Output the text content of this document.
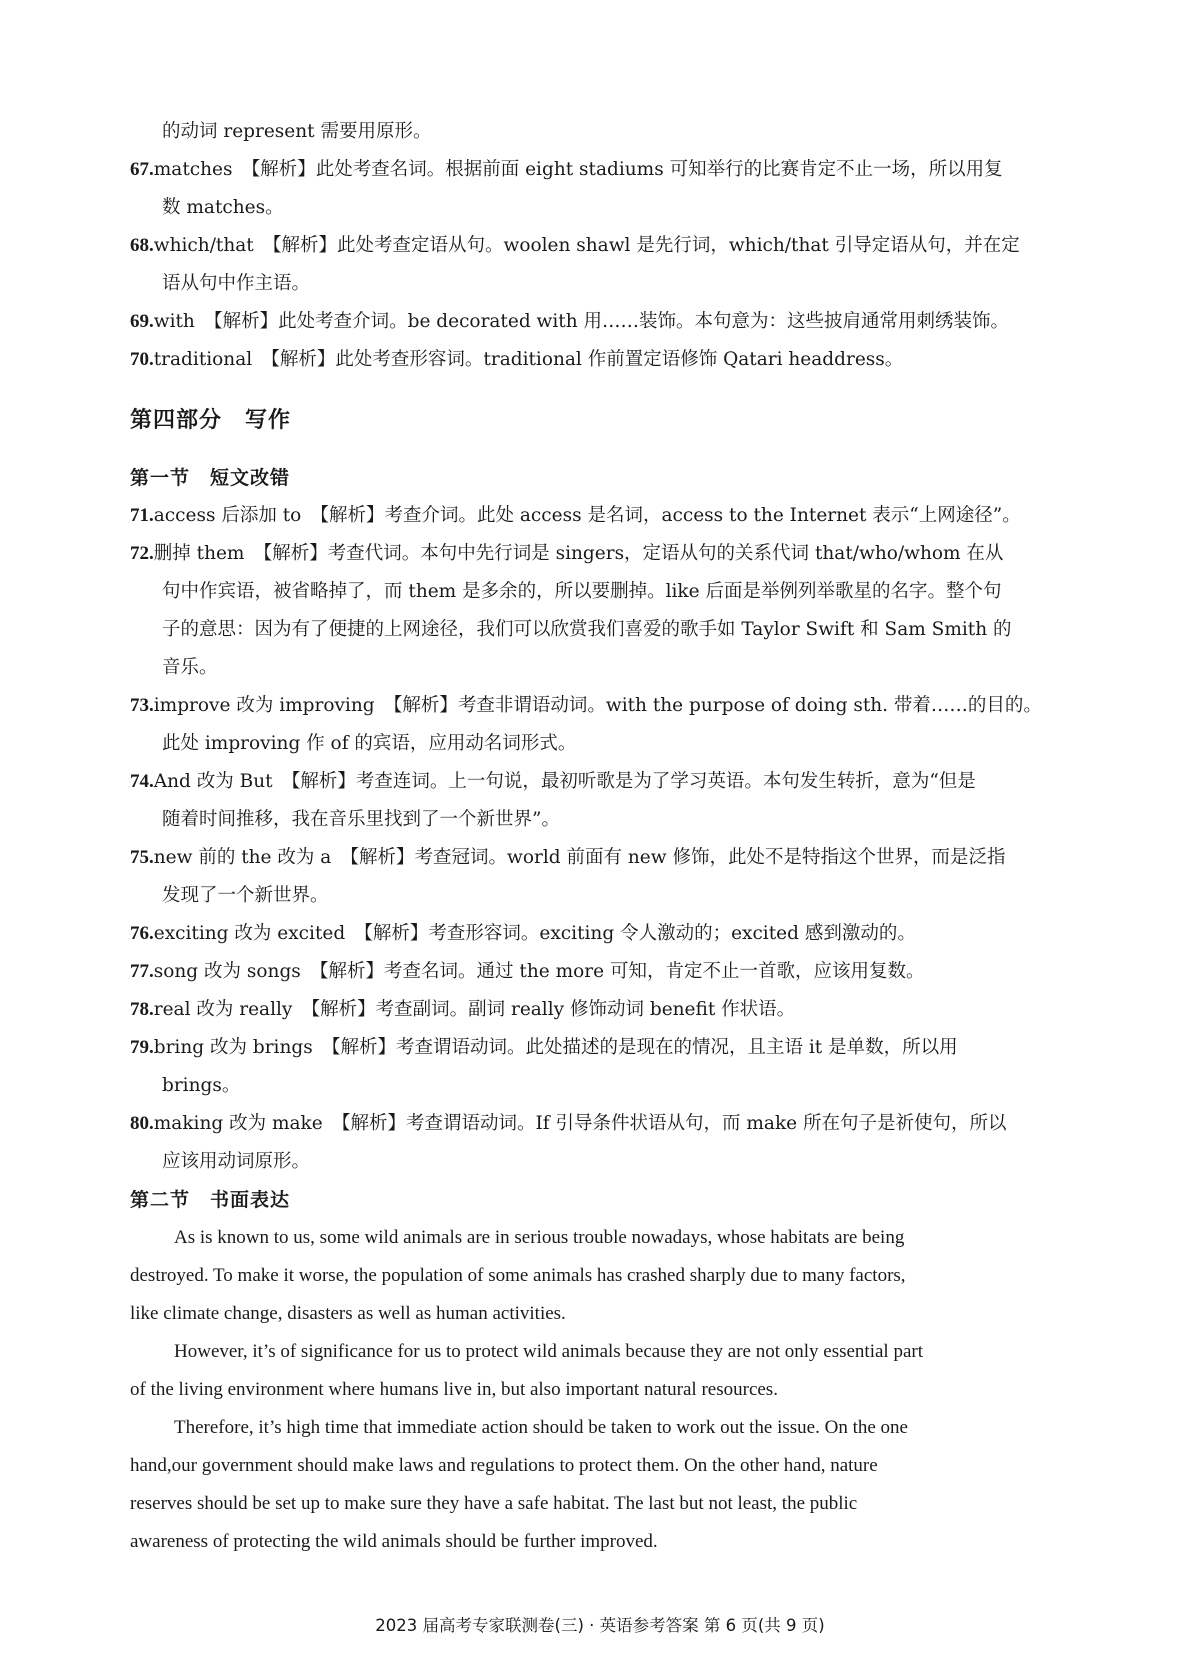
的动词 represent 需要用原形。
67.matches　【解析】此处考查名词。根据前面 eight stadiums 可知举行的比赛肯定不止一场，所以用复
数 matches。
68.which/that　【解析】此处考查定语从句。woolen shawl 是先行词，which/that 引导定语从句，并在定
语从句中作主语。
69.with　【解析】此处考查介词。be decorated with 用……装饰。本句意为：这些披肩通常用刺绣装饰。
70.traditional　【解析】此处考查形容词。traditional 作前置定语修饰 Qatari headdress。
第四部分　写作
第一节　短文改错
71.access 后添加 to　【解析】考查介词。此处 access 是名词，access to the Internet 表示“上网途径”。
72.删掉 them　【解析】考查代词。本句中先行词是 singers，定语从句的关系代词 that/who/whom 在从
句中作宾语，被省略掉了，而 them 是多余的，所以要删掉。like 后面是举例列举歌星的名字。整个句
子的意思：因为有了便捷的上网途径，我们可以欣赏我们喜爱的歌手如 Taylor Swift 和 Sam Smith 的
音乐。
73.improve 改为 improving　【解析】考查非谓语动词。with the purpose of doing sth. 带着……的目的。
此处 improving 作 of 的宾语，应用动名词形式。
74.And 改为 But　【解析】考查连词。上一句说，最初听歌是为了学习英语。本句发生转折，意为“但是
随着时间推移，我在音乐里找到了一个新世界”。
75.new 前的 the 改为 a　【解析】考查冠词。world 前面有 new 修饰，此处不是特指这个世界，而是泛指
发现了一个新世界。
76.exciting 改为 excited　【解析】考查形容词。exciting 令人激动的；excited 感到激动的。
77.song 改为 songs　【解析】考查名词。通过 the more 可知，肯定不止一首歌，应该用复数。
78.real 改为 really　【解析】考查副词。副词 really 修饰动词 benefit 作状语。
79.bring 改为 brings　【解析】考查谓语动词。此处描述的是现在的情况，且主语 it 是单数，所以用
brings。
80.making 改为 make　【解析】考查谓语动词。If 引导条件状语从句，而 make 所在句子是祈使句，所以
应该用动词原形。
第二节　书面表达
As is known to us, some wild animals are in serious trouble nowadays, whose habitats are being
destroyed. To make it worse, the population of some animals has crashed sharply due to many factors,
like climate change, disasters as well as human activities.
However, it’s of significance for us to protect wild animals because they are not only essential part
of the living environment where humans live in, but also important natural resources.
Therefore, it’s high time that immediate action should be taken to work out the issue. On the one
hand,our government should make laws and regulations to protect them. On the other hand, nature
reserves should be set up to make sure they have a safe habitat. The last but not least, the public
awareness of protecting the wild animals should be further improved.
2023 届高考专家联测卷(三) · 英语参考答案 第 6 页(共 9 页)
